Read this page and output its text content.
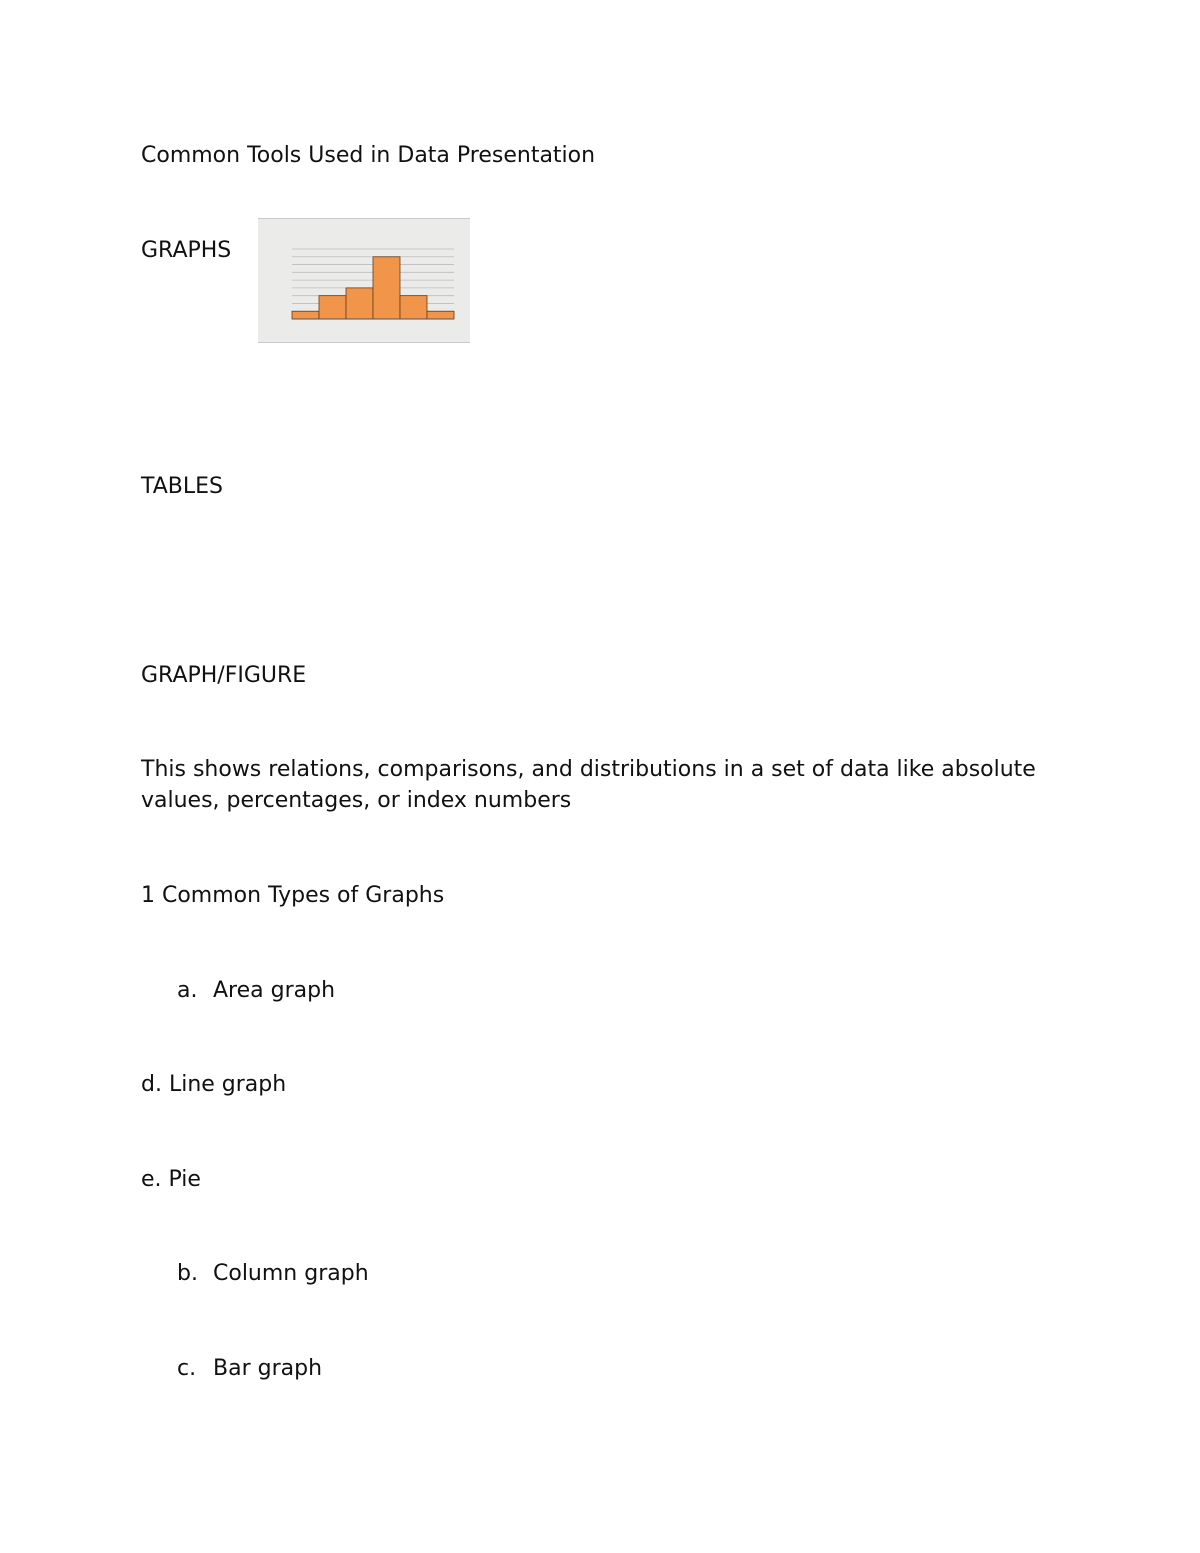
Common Tools Used in Data Presentation

GRAPHS

TABLES

GRAPH/FIGURE

This shows relations, comparisons, and distributions in a set of data like absolute values, percentages, or index numbers

1 Common Types of Graphs

a. Area graph

d. Line graph

e. Pie

b. Column graph

c. Bar graph
